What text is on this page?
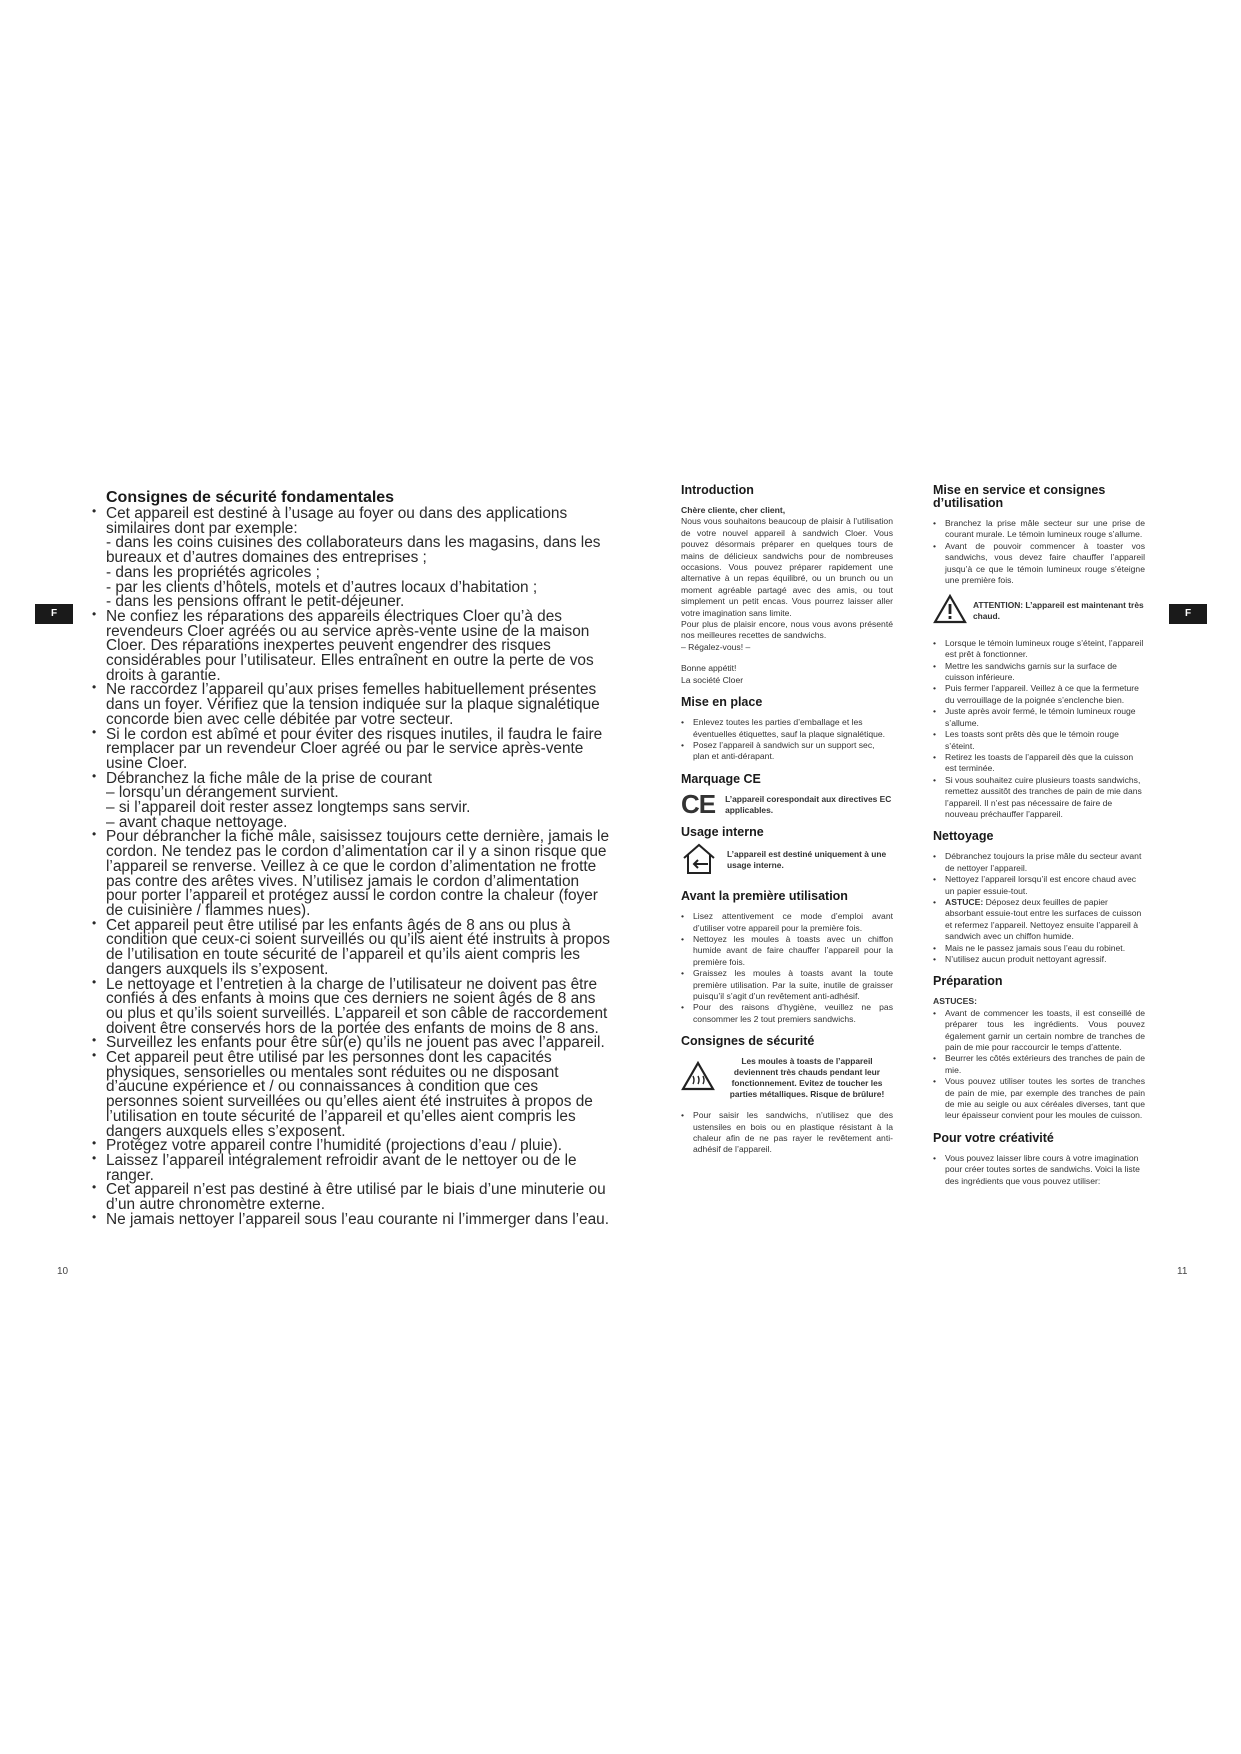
F	F
10	11
Consignes de sécurité fondamentales
• Cet appareil est destiné à l’usage au foyer ou dans des applications similaires dont par exemple:
- dans les coins cuisines des collaborateurs dans les magasins, dans les bureaux et d’autres domaines des entreprises ;
- dans les propriétés agricoles ;
- par les clients d’hôtels, motels et d’autres locaux d’habitation ;
- dans les pensions offrant le petit-déjeuner.
• Ne confiez les réparations des appareils électriques Cloer qu’à des revendeurs Cloer agréés ou au service après-vente usine de la maison Cloer. Des réparations inexpertes peuvent engendrer des risques considérables pour l’utilisateur. Elles entraînent en outre la perte de vos droits à garantie.
• Ne raccordez l’appareil qu’aux prises femelles habituellement présentes dans un foyer. Vérifiez que la tension indiquée sur la plaque signalétique concorde bien avec celle débitée par votre secteur.
• Si le cordon est abîmé et pour éviter des risques inutiles, il faudra le faire remplacer par un revendeur Cloer agréé ou par le service après-vente usine Cloer.
• Débranchez la fiche mâle de la prise de courant
– lorsqu’un dérangement survient.
– si l’appareil doit rester assez longtemps sans servir.
– avant chaque nettoyage.
• Pour débrancher la fiche mâle, saisissez toujours cette dernière, jamais le cordon. Ne tendez pas le cordon d’alimentation car il y a sinon risque que l’appareil se renverse. Veillez à ce que le cordon d’alimentation ne frotte pas contre des arêtes vives. N’utilisez jamais le cordon d’alimentation pour porter l’appareil et protégez aussi le cordon contre la chaleur (foyer de cuisinière / flammes nues).
• Cet appareil peut être utilisé par les enfants âgés de 8 ans ou plus à condition que ceux-ci soient surveillés ou qu’ils aient été instruits à propos de l’utilisation en toute sécurité de l’appareil et qu’ils aient compris les dangers auxquels ils s’exposent.
• Le nettoyage et l’entretien à la charge de l’utilisateur ne doivent pas être confiés à des enfants à moins que ces derniers ne soient âgés de 8 ans ou plus et qu’ils soient surveillés. L’appareil et son câble de raccordement doivent être conservés hors de la portée des enfants de moins de 8 ans.
• Surveillez les enfants pour être sûr(e) qu’ils ne jouent pas avec l’appareil.
• Cet appareil peut être utilisé par les personnes dont les capacités physiques, sensorielles ou mentales sont réduites ou ne disposant d’aucune expérience et / ou connaissances à condition que ces personnes soient surveillées ou qu’elles aient été instruites à propos de l’utilisation en toute sécurité de l’appareil et qu’elles aient compris les dangers auxquels elles s’exposent.
• Protégez votre appareil contre l’humidité (projections d’eau / pluie).
• Laissez l’appareil intégralement refroidir avant de le nettoyer ou de le ranger.
• Cet appareil n’est pas destiné à être utilisé par le biais d’une minuterie ou d’un autre chronomètre externe.
• Ne jamais nettoyer l’appareil sous l’eau courante ni l’immerger dans l’eau.
Introduction

Chère cliente, cher client,

Nous vous souhaitons beaucoup de plaisir à l’utilisation de votre nouvel appareil à sandwich Cloer. Vous pouvez désormais préparer en quelques tours de mains de délicieux sandwichs pour de nombreuses occasions. Vous pouvez préparer rapidement une alternative à un repas équilibré, ou un brunch ou un moment agréable partagé avec des amis, ou tout simplement un petit encas. Vous pourrez laisser aller votre imagination sans limite.

Pour plus de plaisir encore, nous vous avons présenté nos meilleures recettes de sandwichs.

– Régalez-vous! –

Bonne appétit!

La société Cloer

Mise en place
• Enlevez toutes les parties d’emballage et les éventuelles étiquettes, sauf la plaque signalétique.
• Posez l’appareil à sandwich sur un support sec, plan et anti-dérapant.
Marquage CE
CE L’appareil corespondait aux directives EC applicables.
Usage interne
L’appareil est destiné uniquement à une usage interne.
Avant la première utilisation
• Lisez attentivement ce mode d’emploi avant d’utiliser votre appareil pour la première fois.
• Nettoyez les moules à toasts avec un chiffon humide avant de faire chauffer l’appareil pour la première fois.
• Graissez les moules à toasts avant la toute première utilisation. Par la suite, inutile de graisser puisqu’il s’agit d’un revêtement anti-adhésif.
• Pour des raisons d’hygiène, veuillez ne pas consommer les 2 tout premiers sandwichs.
Consignes de sécurité
Les moules à toasts de l’appareil deviennent très chauds pendant leur fonctionnement. Evitez de toucher les parties métalliques. Risque de brûlure!
• Pour saisir les sandwichs, n’utilisez que des ustensiles en bois ou en plastique résistant à la chaleur afin de ne pas rayer le revêtement anti-adhésif de l’appareil.
Mise en service et consignes d’utilisation
• Branchez la prise mâle secteur sur une prise de courant murale. Le témoin lumineux rouge s’allume.
• Avant de pouvoir commencer à toaster vos sandwichs, vous devez faire chauffer l’appareil jusqu’à ce que le témoin lumineux rouge s’éteigne une première fois.
ATTENTION: L’appareil est maintenant très chaud.
• Lorsque le témoin lumineux rouge s’éteint, l’appareil est prêt à fonctionner.
• Mettre les sandwichs garnis sur la surface de cuisson inférieure.
• Puis fermer l’appareil. Veillez à ce que la fermeture du verrouillage de la poignée s’enclenche bien.
• Juste après avoir fermé, le témoin lumineux rouge s’allume.
• Les toasts sont prêts dès que le témoin rouge s’éteint.
• Retirez les toasts de l’appareil dès que la cuisson est terminée.
• Si vous souhaitez cuire plusieurs toasts sandwichs, remettez aussitôt des tranches de pain de mie dans l’appareil. Il n’est pas nécessaire de faire de nouveau préchauffer l’appareil.
Nettoyage
• Débranchez toujours la prise mâle du secteur avant de nettoyer l’appareil.
• Nettoyez l’appareil lorsqu’il est encore chaud avec un papier essuie-tout.
• ASTUCE: Déposez deux feuilles de papier absorbant essuie-tout entre les surfaces de cuisson et refermez l’appareil. Nettoyez ensuite l’appareil à sandwich avec un chiffon humide.
• Mais ne le passez jamais sous l’eau du robinet.
• N’utilisez aucun produit nettoyant agressif.
Préparation

ASTUCES:

• Avant de commencer les toasts, il est conseillé de préparer tous les ingrédients. Vous pouvez également garnir un certain nombre de tranches de pain de mie pour raccourcir le temps d’attente.
• Beurrer les côtés extérieurs des tranches de pain de mie.
• Vous pouvez utiliser toutes les sortes de tranches de pain de mie, par exemple des tranches de pain de mie au seigle ou aux céréales diverses, tant que leur épaisseur convient pour les moules de cuisson.
Pour votre créativité
• Vous pouvez laisser libre cours à votre imagination pour créer toutes sortes de sandwichs. Voici la liste des ingrédients que vous pouvez utiliser:
